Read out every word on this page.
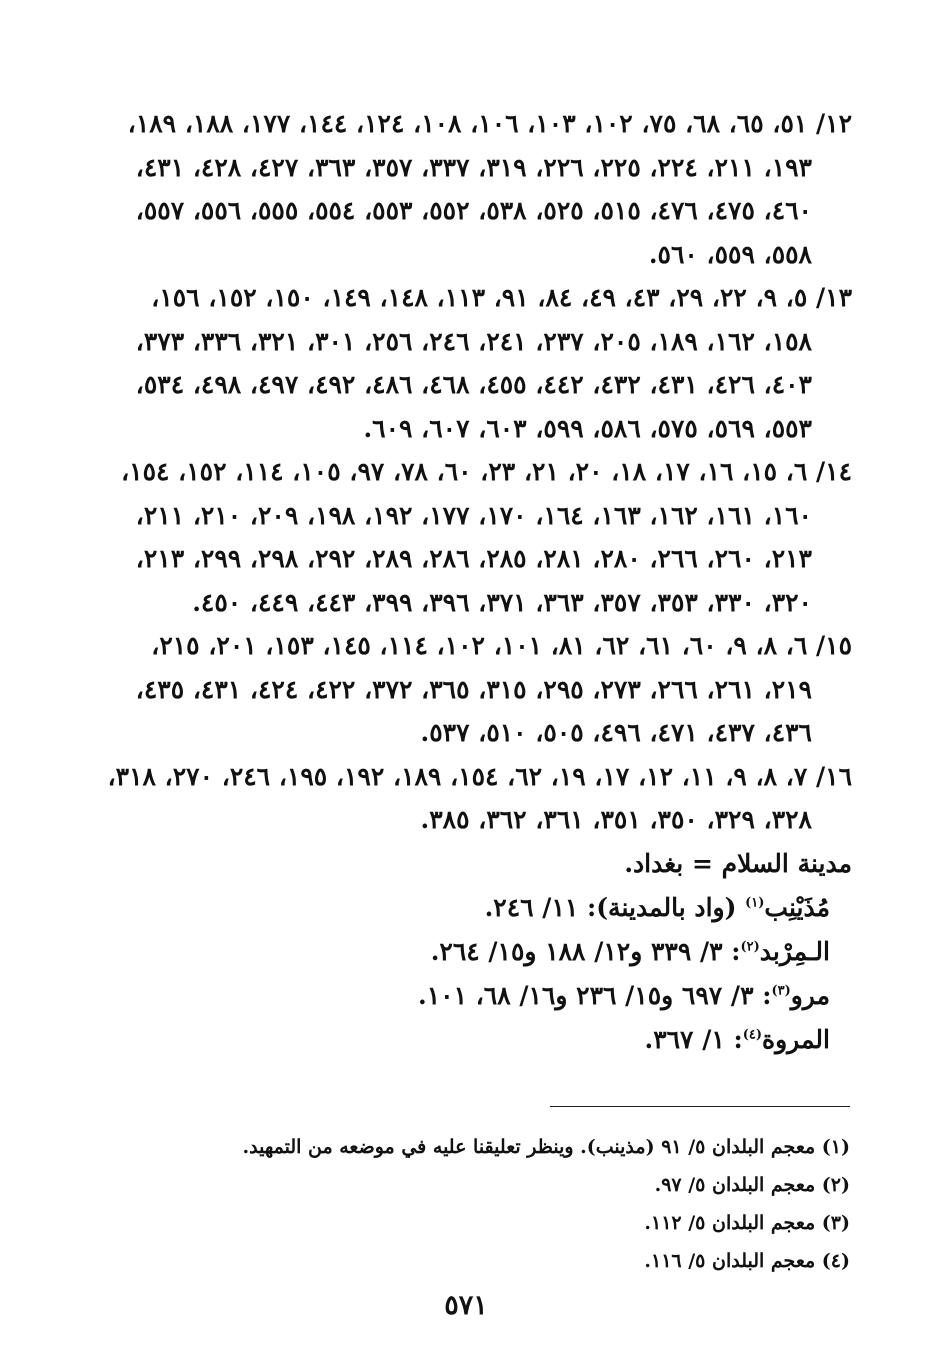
١٢/ ٥١، ٦٥، ٦٨، ٧٥، ١٠٢، ١٠٣، ١٠٦، ١٠٨، ١٢٤، ١٤٤، ١٧٧، ١٨٨، ١٨٩،
١٩٣، ٢١١، ٢٢٤، ٢٢٥، ٢٢٦، ٣١٩، ٣٣٧، ٣٥٧، ٣٦٣، ٤٢٧، ٤٢٨، ٤٣١،
٤٦٠، ٤٧٥، ٤٧٦، ٥١٥، ٥٢٥، ٥٣٨، ٥٥٢، ٥٥٣، ٥٥٤، ٥٥٥، ٥٥٦، ٥٥٧،
٥٥٨، ٥٥٩، ٥٦٠.
١٣/ ٥، ٩، ٢٢، ٢٩، ٤٣، ٤٩، ٨٤، ٩١، ١١٣، ١٤٨، ١٤٩، ١٥٠، ١٥٢، ١٥٦،
١٥٨، ١٦٢، ١٨٩، ٢٠٥، ٢٣٧، ٢٤١، ٢٤٦، ٢٥٦، ٣٠١، ٣٢١، ٣٣٦، ٣٧٣،
٤٠٣، ٤٢٦، ٤٣١، ٤٣٢، ٤٤٢، ٤٥٥، ٤٦٨، ٤٨٦، ٤٩٢، ٤٩٧، ٤٩٨، ٥٣٤،
٥٥٣، ٥٦٩، ٥٧٥، ٥٨٦، ٥٩٩، ٦٠٣، ٦٠٧، ٦٠٩.
١٤/ ٦، ١٥، ١٦، ١٧، ١٨، ٢٠، ٢١، ٢٣، ٦٠، ٧٨، ٩٧، ١٠٥، ١١٤، ١٥٢، ١٥٤،
١٦٠، ١٦١، ١٦٢، ١٦٣، ١٦٤، ١٧٠، ١٧٧، ١٩٢، ١٩٨، ٢٠٩، ٢١٠، ٢١١،
٢١٣، ٢٦٠، ٢٦٦، ٢٨٠، ٢٨١، ٢٨٥، ٢٨٦، ٢٨٩، ٢٩٢، ٢٩٨، ٢٩٩، ٢١٣،
٣٢٠، ٣٣٠، ٣٥٣، ٣٥٧، ٣٦٣، ٣٧١، ٣٩٦، ٣٩٩، ٤٤٣، ٤٤٩، ٤٥٠.
١٥/ ٦، ٨، ٩، ٦٠، ٦١، ٦٢، ٨١، ١٠١، ١٠٢، ١١٤، ١٤٥، ١٥٣، ٢٠١، ٢١٥،
٢١٩، ٢٦١، ٢٦٦، ٢٧٣، ٢٩٥، ٣١٥، ٣٦٥، ٣٧٢، ٤٢٢، ٤٢٤، ٤٣١، ٤٣٥،
٤٣٦، ٤٣٧، ٤٧١، ٤٩٦، ٥٠٥، ٥١٠، ٥٣٧.
١٦/ ٧، ٨، ٩، ١١، ١٢، ١٧، ١٩، ٦٢، ١٥٤، ١٨٩، ١٩٢، ١٩٥، ٢٤٦، ٢٧٠، ٣١٨،
٣٢٨، ٣٢٩، ٣٥٠، ٣٥١، ٣٦١، ٣٦٢، ٣٨٥.
مدينة السلام = بغداد.
مُذَيْنِب$^{(١)}$ (واد بالمدينة): ١١/ ٢٤٦.
الـمِرْبد$^{(٢)}$: ٣/ ٣٣٩ و١٢/ ١٨٨ و١٥/ ٢٦٤.
مرو$^{(٣)}$: ٣/ ٦٩٧ و١٥/ ٢٣٦ و١٦/ ٦٨، ١٠١.
المروة$^{(٤)}$: ١/ ٣٦٧.
(١) معجم البلدان ٥/ ٩١ (مذينب). وينظر تعليقنا عليه في موضعه من التمهيد.
(٢) معجم البلدان ٥/ ٩٧.
(٣) معجم البلدان ٥/ ١١٢.
(٤) معجم البلدان ٥/ ١١٦.
٥٧١
